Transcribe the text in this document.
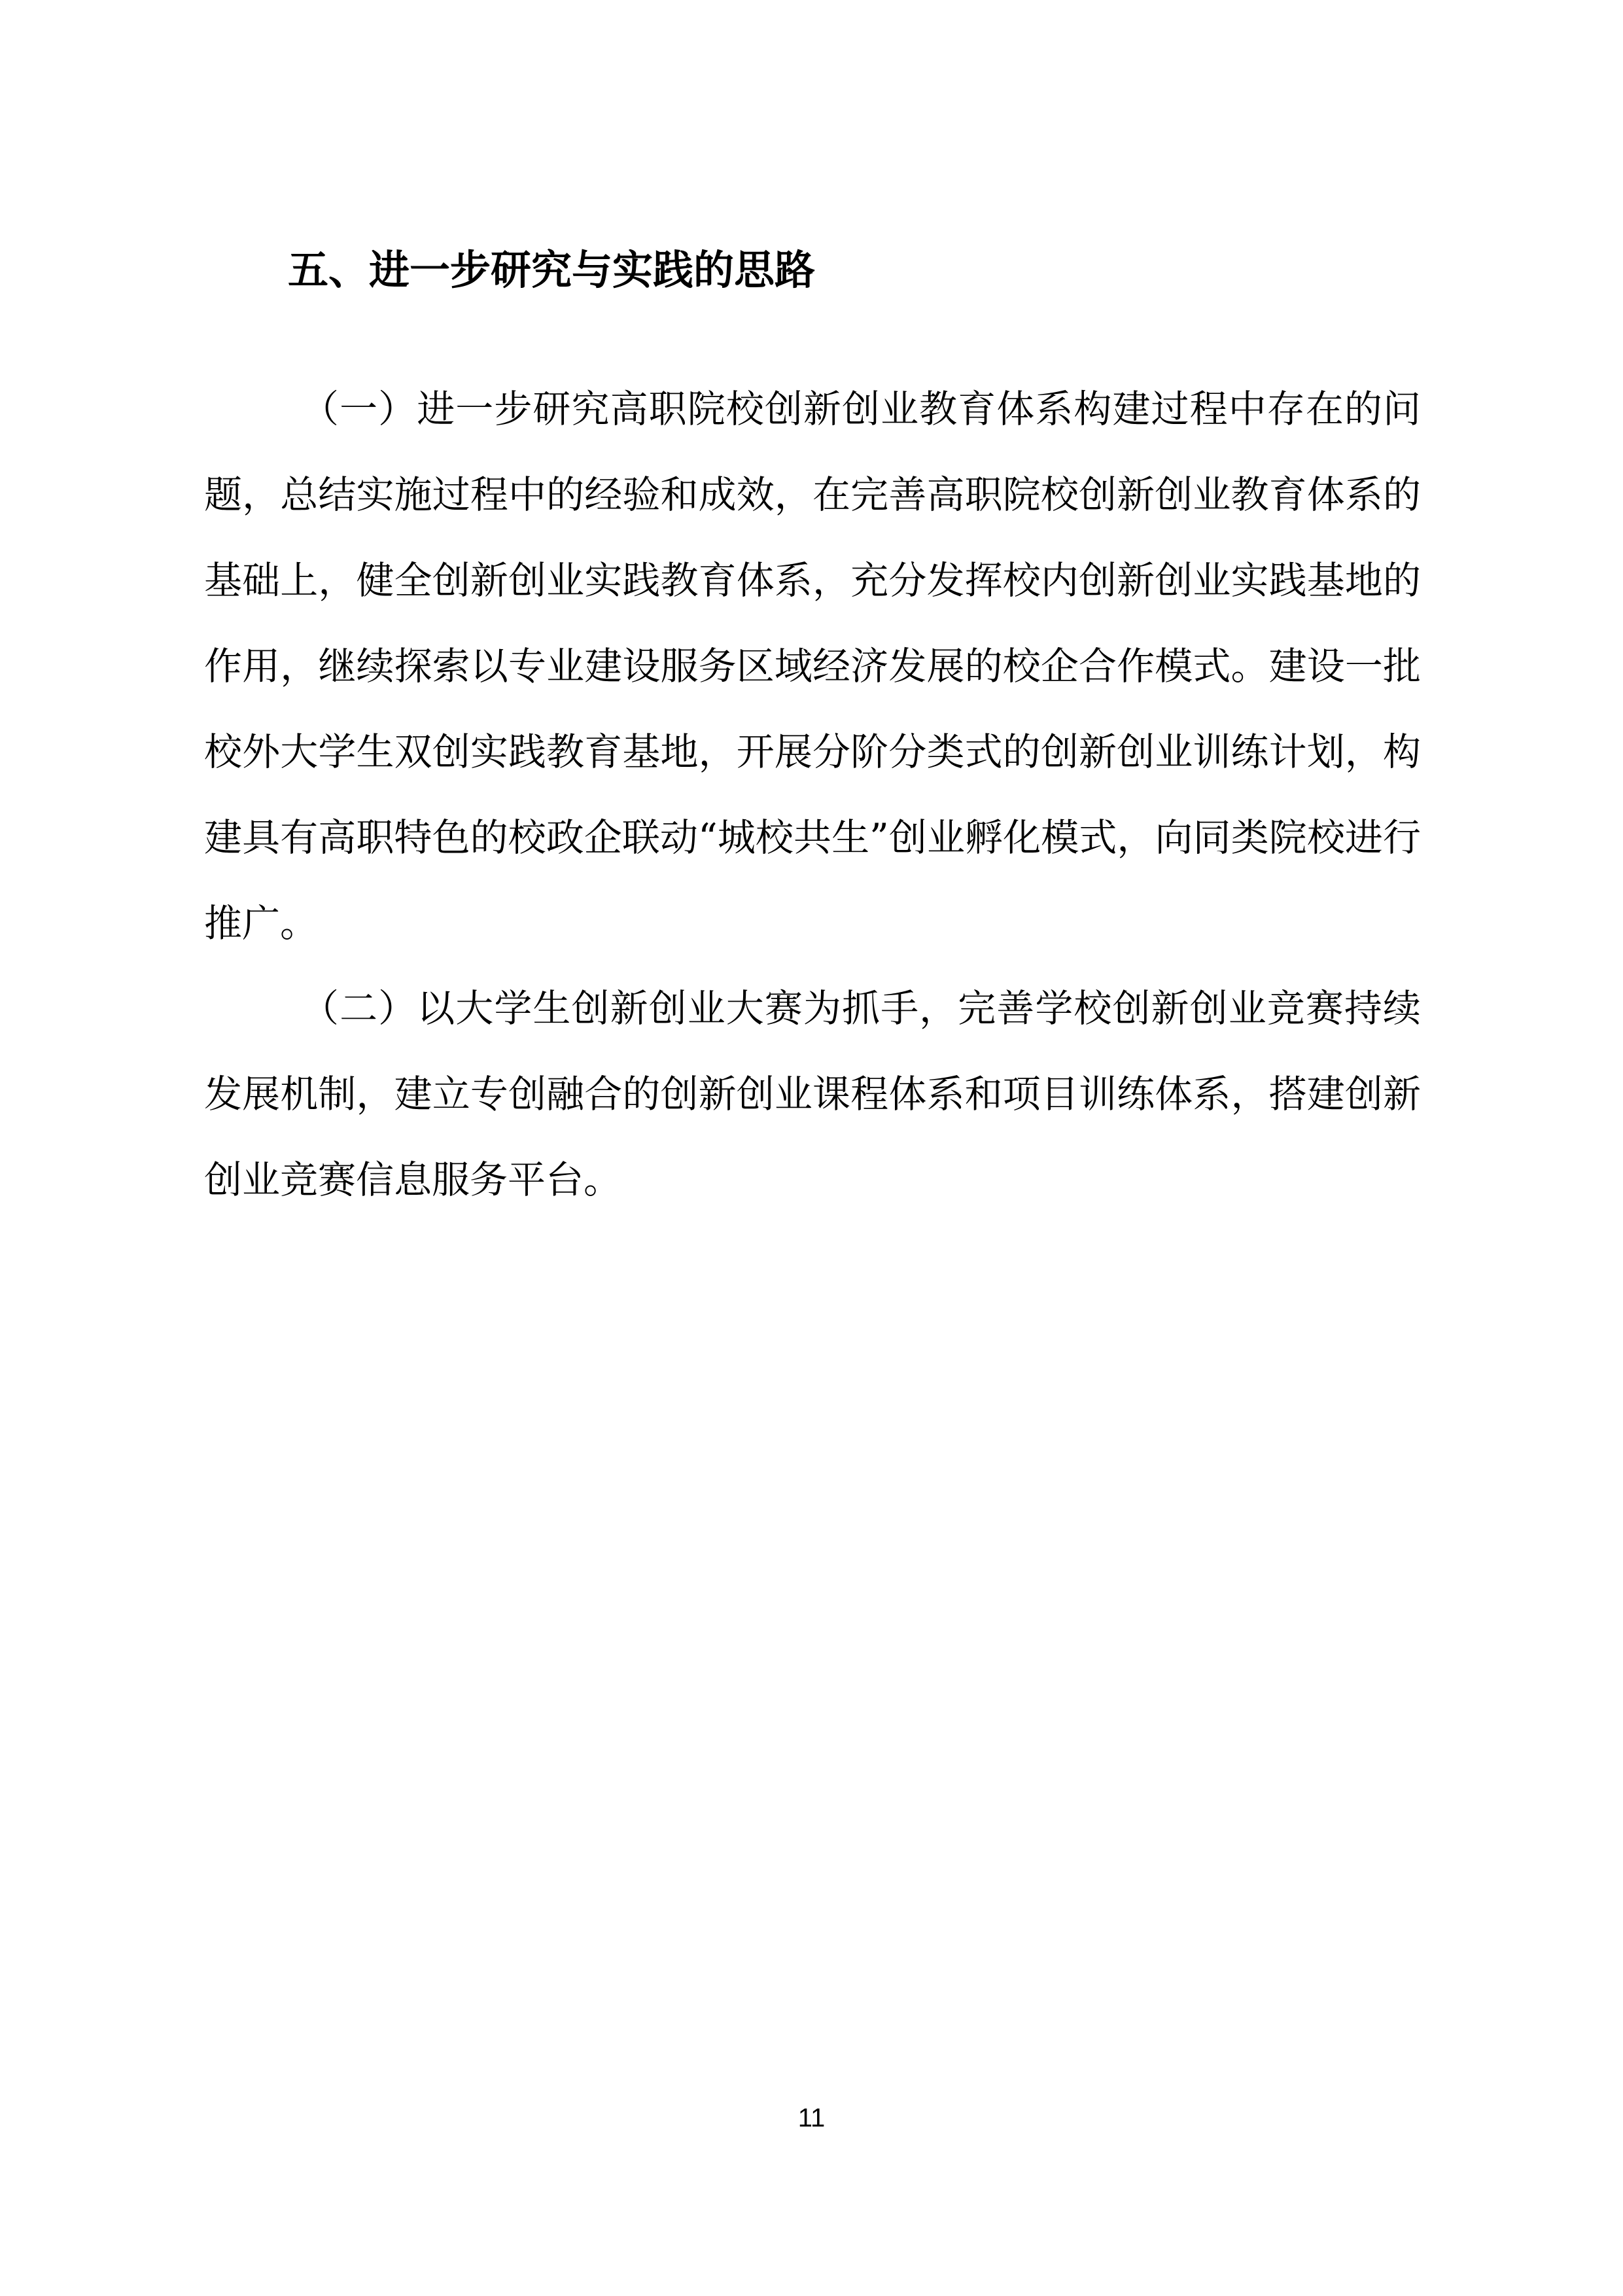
五、进一步研究与实践的思路

（一）进一步研究高职院校创新创业教育体系构建过程中存在的问题，总结实施过程中的经验和成效，在完善高职院校创新创业教育体系的基础上，健全创新创业实践教育体系，充分发挥校内创新创业实践基地的作用，继续探索以专业建设服务区域经济发展的校企合作模式。建设一批校外大学生双创实践教育基地，开展分阶分类式的创新创业训练计划，构建具有高职特色的校政企联动“城校共生”创业孵化模式，向同类院校进行推广。

（二）以大学生创新创业大赛为抓手，完善学校创新创业竞赛持续发展机制，建立专创融合的创新创业课程体系和项目训练体系，搭建创新创业竞赛信息服务平台。

11
